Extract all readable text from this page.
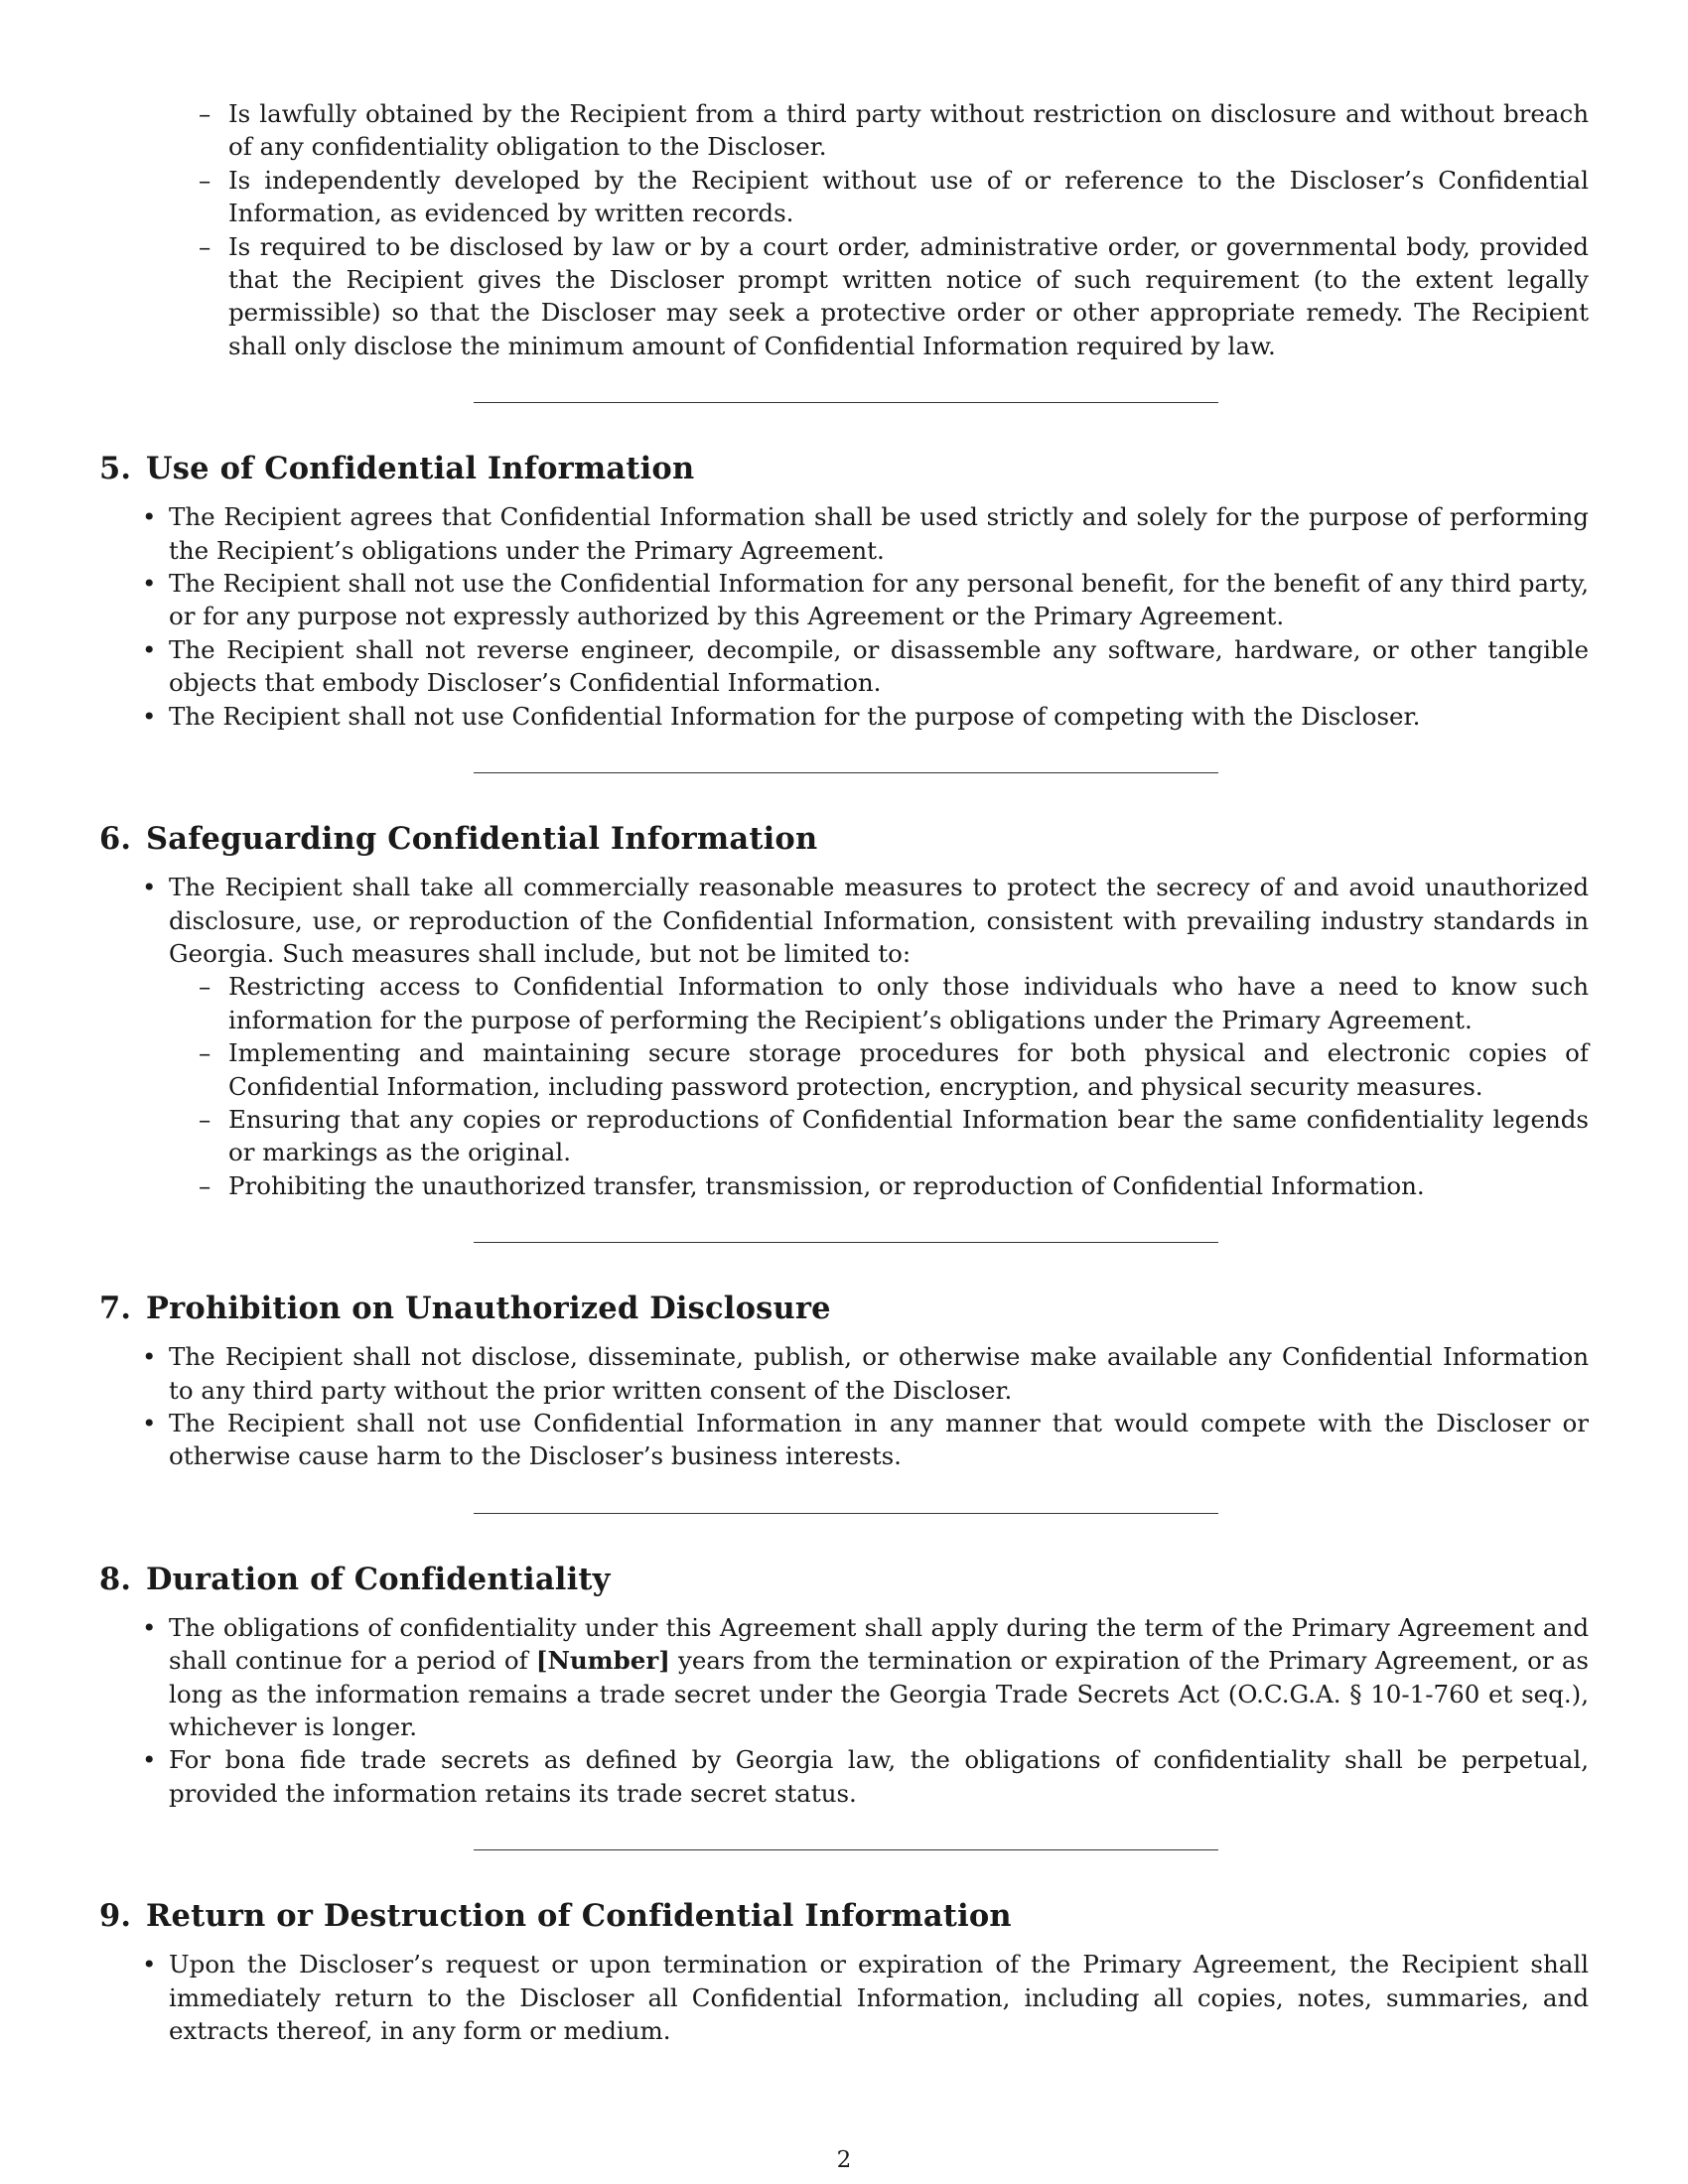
– Is lawfully obtained by the Recipient from a third party without restriction on disclosure and without breach of any confidentiality obligation to the Discloser.
– Is independently developed by the Recipient without use of or reference to the Discloser’s Confidential Information, as evidenced by written records.
– Is required to be disclosed by law or by a court order, administrative order, or governmental body, provided that the Recipient gives the Discloser prompt written notice of such requirement (to the extent legally permissible) so that the Discloser may seek a protective order or other appropriate remedy. The Recipient shall only disclose the minimum amount of Confidential Information required by law.
5. Use of Confidential Information
• The Recipient agrees that Confidential Information shall be used strictly and solely for the purpose of performing the Recipient’s obligations under the Primary Agreement.
• The Recipient shall not use the Confidential Information for any personal benefit, for the benefit of any third party, or for any purpose not expressly authorized by this Agreement or the Primary Agreement.
• The Recipient shall not reverse engineer, decompile, or disassemble any software, hardware, or other tangible objects that embody Discloser’s Confidential Information.
• The Recipient shall not use Confidential Information for the purpose of competing with the Discloser.
6. Safeguarding Confidential Information
• The Recipient shall take all commercially reasonable measures to protect the secrecy of and avoid unauthorized disclosure, use, or reproduction of the Confidential Information, consistent with prevailing industry standards in Georgia. Such measures shall include, but not be limited to:
– Restricting access to Confidential Information to only those individuals who have a need to know such information for the purpose of performing the Recipient’s obligations under the Primary Agreement.
– Implementing and maintaining secure storage procedures for both physical and electronic copies of Confidential Information, including password protection, encryption, and physical security measures.
– Ensuring that any copies or reproductions of Confidential Information bear the same confidentiality legends or markings as the original.
– Prohibiting the unauthorized transfer, transmission, or reproduction of Confidential Information.
7. Prohibition on Unauthorized Disclosure
• The Recipient shall not disclose, disseminate, publish, or otherwise make available any Confidential Information to any third party without the prior written consent of the Discloser.
• The Recipient shall not use Confidential Information in any manner that would compete with the Discloser or otherwise cause harm to the Discloser’s business interests.
8. Duration of Confidentiality
• The obligations of confidentiality under this Agreement shall apply during the term of the Primary Agreement and shall continue for a period of [Number] years from the termination or expiration of the Primary Agreement, or as long as the information remains a trade secret under the Georgia Trade Secrets Act (O.C.G.A. § 10-1-760 et seq.), whichever is longer.
• For bona fide trade secrets as defined by Georgia law, the obligations of confidentiality shall be perpetual, provided the information retains its trade secret status.
9. Return or Destruction of Confidential Information
• Upon the Discloser’s request or upon termination or expiration of the Primary Agreement, the Recipient shall immediately return to the Discloser all Confidential Information, including all copies, notes, summaries, and extracts thereof, in any form or medium.
2
